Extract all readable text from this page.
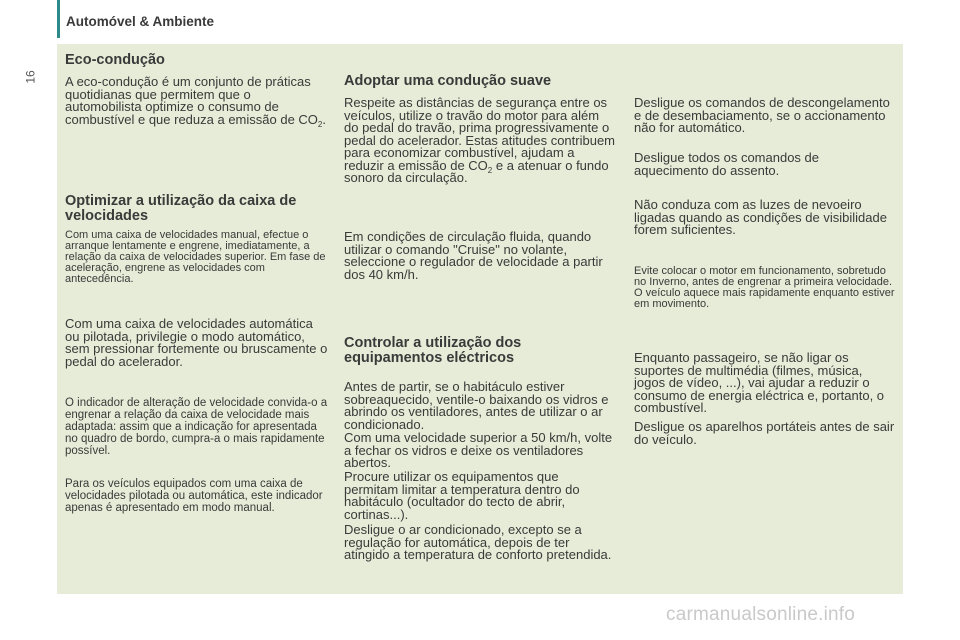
Automóvel & Ambiente
16
Eco-condução

A eco-condução é um conjunto de práticas quotidianas que permitem que o automobilista optimize o consumo de combustível e que reduza a emissão de $CO_2$.

Optimizar a utilização da caixa de velocidades

Com uma caixa de velocidades manual, efectue o arranque lentamente e engrene, imediatamente, a relação da caixa de velocidades superior. Em fase de aceleração, engrene as velocidades com antecedência.

Com uma caixa de velocidades automática ou pilotada, privilegie o modo automático, sem pressionar fortemente ou bruscamente o pedal do acelerador.

O indicador de alteração de velocidade convida-o a engrenar a relação da caixa de velocidade mais adaptada: assim que a indicação for apresentada no quadro de bordo, cumpra-a o mais rapidamente possível.

Para os veículos equipados com uma caixa de velocidades pilotada ou automática, este indicador apenas é apresentado em modo manual.

Adoptar uma condução suave

Respeite as distâncias de segurança entre os veículos, utilize o travão do motor para além do pedal do travão, prima progressivamente o pedal do acelerador. Estas atitudes contribuem para economizar combustível, ajudam a reduzir a emissão de $CO_2$ e a atenuar o fundo sonoro da circulação.

Em condições de circulação fluida, quando utilizar o comando "Cruise" no volante, seleccione o regulador de velocidade a partir dos 40 km/h.

Controlar a utilização dos equipamentos eléctricos

Antes de partir, se o habitáculo estiver sobreaquecido, ventile-o baixando os vidros e abrindo os ventiladores, antes de utilizar o ar condicionado.

Com uma velocidade superior a 50 km/h, volte a fechar os vidros e deixe os ventiladores abertos.

Procure utilizar os equipamentos que permitam limitar a temperatura dentro do habitáculo (ocultador do tecto de abrir, cortinas...).

Desligue o ar condicionado, excepto se a regulação for automática, depois de ter atingido a temperatura de conforto pretendida.

Desligue os comandos de descongelamento e de desembaciamento, se o accionamento não for automático.

Desligue todos os comandos de aquecimento do assento.

Não conduza com as luzes de nevoeiro ligadas quando as condições de visibilidade forem suficientes.

Evite colocar o motor em funcionamento, sobretudo no Inverno, antes de engrenar a primeira velocidade. O veículo aquece mais rapidamente enquanto estiver em movimento.

Enquanto passageiro, se não ligar os suportes de multimédia (filmes, música, jogos de vídeo, ...), vai ajudar a reduzir o consumo de energia eléctrica e, portanto, o combustível.

Desligue os aparelhos portáteis antes de sair do veículo.

carmanualsonline.info
